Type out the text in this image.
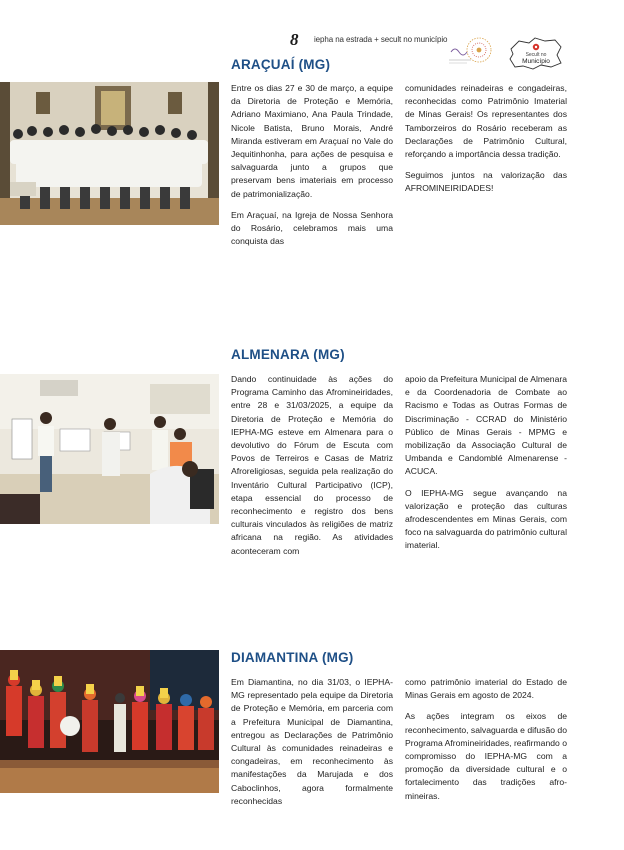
8 iepha na estrada + secult no município
Secult no
Município
ARAÇUAÍ (MG)

Entre os dias 27 e 30 de março, a equipe da Diretoria de Proteção e Memória, Adriano Maximiano, Ana Paula Trindade, Nicole Batista, Bruno Morais, André Miranda estiveram em Araçuaí no Vale do Jequitinhonha, para ações de pesquisa e salvaguarda junto a grupos que preservam bens imateriais em processo de patrimonialização.

Em Araçuaí, na Igreja de Nossa Senhora do Rosário, celebramos mais uma conquista das

comunidades reinadeiras e congadeiras, reconhecidas como Patrimônio Imaterial de Minas Gerais! Os representantes dos Tamborzeiros do Rosário receberam as Declarações de Patrimônio Cultural, reforçando a importância dessa tradição.

Seguimos juntos na valorização das AFROMINEIRIDADES!

ALMENARA (MG)

Dando continuidade às ações do Programa Caminho das Afromineiridades, entre 28 e 31/03/2025, a equipe da Diretoria de Proteção e Memória do IEPHA-MG esteve em Almenara para o devolutivo do Fórum de Escuta com Povos de Terreiros e Casas de Matriz Afroreligiosas, seguida pela realização do Inventário Cultural Participativo (ICP), etapa essencial do processo de reconhecimento e registro dos bens culturais vinculados às religiões de matriz africana na região. As atividades aconteceram com

apoio da Prefeitura Municipal de Almenara e da Coordenadoria de Combate ao Racismo e Todas as Outras Formas de Discriminação - CCRAD do Ministério Público de Minas Gerais - MPMG e mobilização da Associação Cultural de Umbanda e Candomblé Almenarense - ACUCA.

O IEPHA-MG segue avançando na valorização e proteção das culturas afrodescendentes em Minas Gerais, com foco na salvaguarda do patrimônio cultural imaterial.

DIAMANTINA (MG)

Em Diamantina, no dia 31/03, o IEPHA-MG representado pela equipe da Diretoria de Proteção e Memória, em parceria com a Prefeitura Municipal de Diamantina, entregou as Declarações de Patrimônio Cultural às comunidades reinadeiras e congadeiras, em reconhecimento às manifestações da Marujada e dos Caboclinhos, agora formalmente reconhecidas

como patrimônio imaterial do Estado de Minas Gerais em agosto de 2024.

As ações integram os eixos de reconhecimento, salvaguarda e difusão do Programa Afromineiridades, reafirmando o compromisso do IEPHA-MG com a promoção da diversidade cultural e o fortalecimento das tradições afro-mineiras.
